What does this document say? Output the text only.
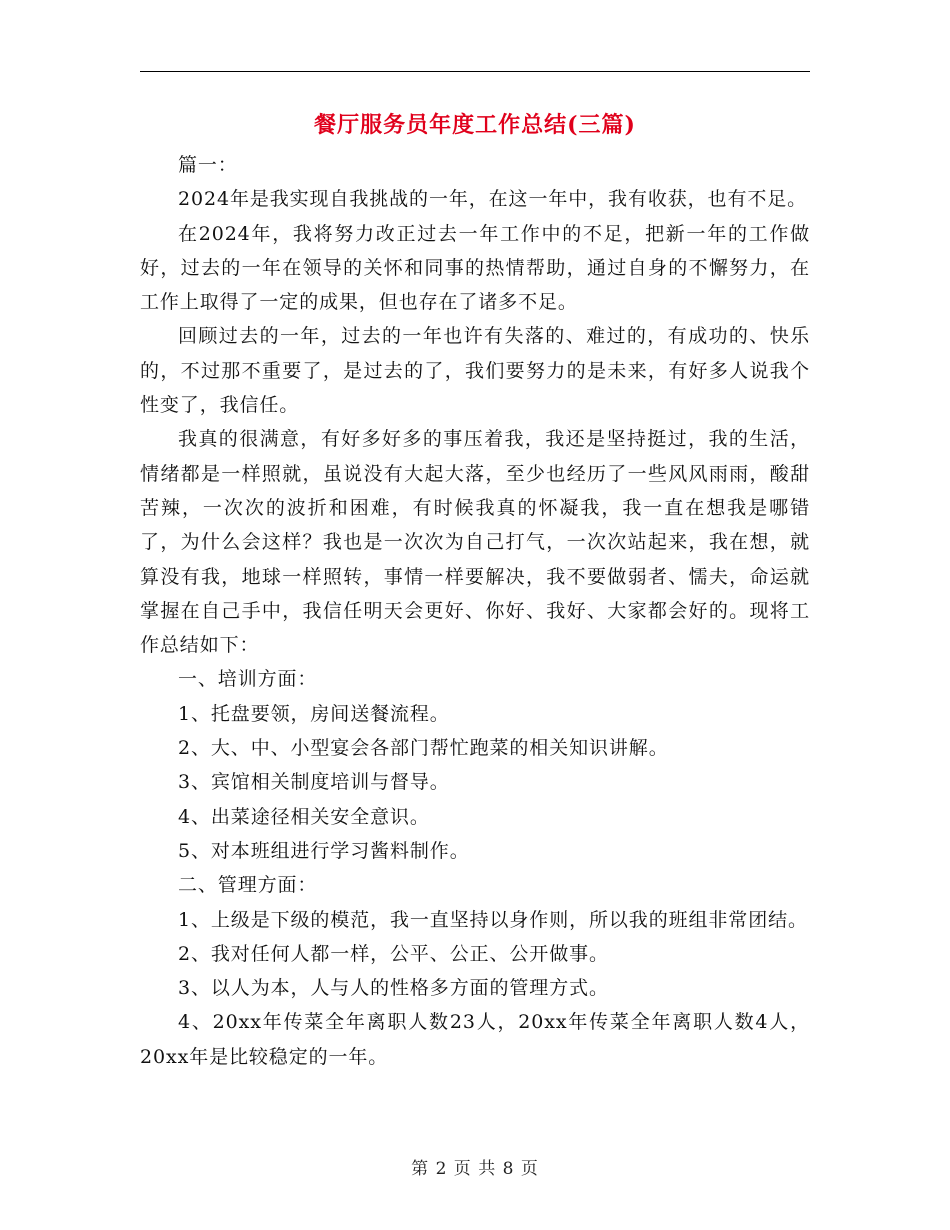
餐厅服务员年度工作总结(三篇)

篇一：

2024年是我实现自我挑战的一年，在这一年中，我有收获，也有不足。

在2024年，我将努力改正过去一年工作中的不足，把新一年的工作做好，过去的一年在领导的关怀和同事的热情帮助，通过自身的不懈努力，在工作上取得了一定的成果，但也存在了诸多不足。

回顾过去的一年，过去的一年也许有失落的、难过的，有成功的、快乐的，不过那不重要了，是过去的了，我们要努力的是未来，有好多人说我个性变了，我信任。

我真的很满意，有好多好多的事压着我，我还是坚持挺过，我的生活，情绪都是一样照就，虽说没有大起大落，至少也经历了一些风风雨雨，酸甜苦辣，一次次的波折和困难，有时候我真的怀凝我，我一直在想我是哪错了，为什么会这样？我也是一次次为自己打气，一次次站起来，我在想，就算没有我，地球一样照转，事情一样要解决，我不要做弱者、懦夫，命运就掌握在自己手中，我信任明天会更好、你好、我好、大家都会好的。现将工作总结如下：

一、培训方面：

1、托盘要领，房间送餐流程。

2、大、中、小型宴会各部门帮忙跑菜的相关知识讲解。

3、宾馆相关制度培训与督导。

4、出菜途径相关安全意识。

5、对本班组进行学习酱料制作。

二、管理方面：

1、上级是下级的模范，我一直坚持以身作则，所以我的班组非常团结。

2、我对任何人都一样，公平、公正、公开做事。

3、以人为本，人与人的性格多方面的管理方式。

4、20xx年传菜全年离职人数23人，20xx年传菜全年离职人数4人，20xx年是比较稳定的一年。

第 2 页 共 8 页
